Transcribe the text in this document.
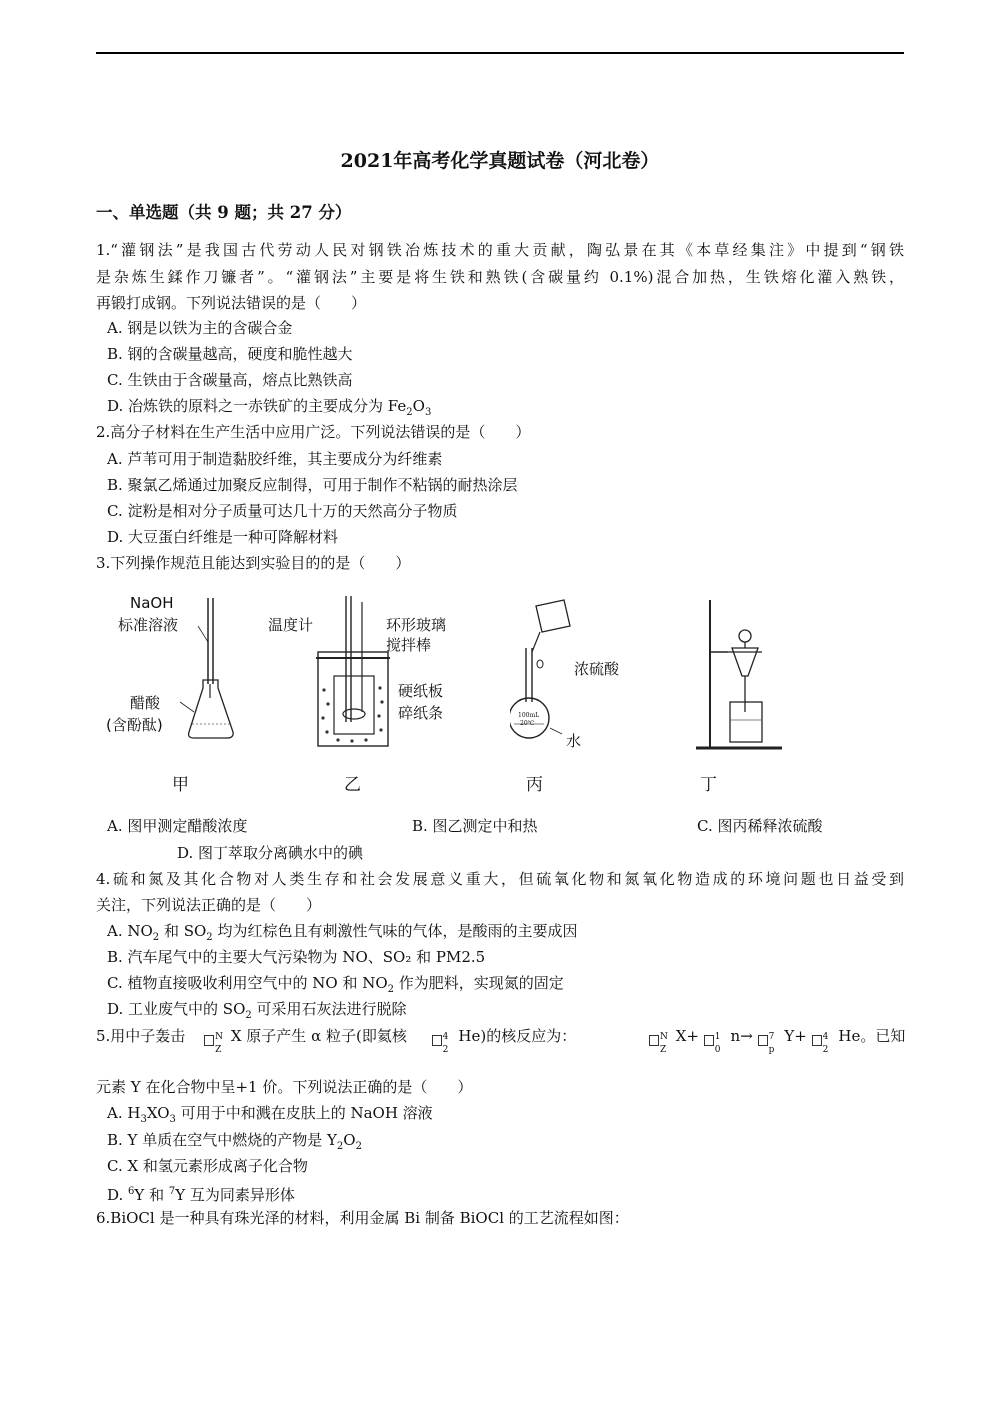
2021年高考化学真题试卷（河北卷）
一、单选题（共 9 题；共 27 分）
1.“灌钢法”是我国古代劳动人民对钢铁冶炼技术的重大贡献，陶弘景在其《本草经集注》中提到“钢铁
是杂炼生鍒作刀镰者”。“灌钢法”主要是将生铁和熟铁(含碳量约 0.1%)混合加热，生铁熔化灌入熟铁，
再锻打成钢。下列说法错误的是（　　）
A. 钢是以铁为主的含碳合金
B. 钢的含碳量越高，硬度和脆性越大
C. 生铁由于含碳量高，熔点比熟铁高
D. 冶炼铁的原料之一赤铁矿的主要成分为 $Fe_2O_3$
2.高分子材料在生产生活中应用广泛。下列说法错误的是（　　）
A. 芦苇可用于制造黏胶纤维，其主要成分为纤维素
B. 聚氯乙烯通过加聚反应制得，可用于制作不粘锅的耐热涂层
C. 淀粉是相对分子质量可达几十万的天然高分子物质
D. 大豆蛋白纤维是一种可降解材料
3.下列操作规范且能达到实验目的的是（　　）
NaOH
标准溶液
醋酸
(含酚酞)
甲
温度计	环形玻璃
搅拌棒
硬纸板
碎纸条
乙
浓硫酸
水
100mL
20℃
丙	丁
A. 图甲测定醋酸浓度	B. 图乙测定中和热	C. 图丙稀释浓硫酸
D. 图丁萃取分离碘水中的碘
4.硫和氮及其化合物对人类生存和社会发展意义重大，但硫氧化物和氮氧化物造成的环境问题也日益受到
关注，下列说法正确的是（　　）
A. $NO_2$ 和 $SO_2$ 均为红棕色且有刺激性气味的气体，是酸雨的主要成因
B. 汽车尾气中的主要大气污染物为 NO、SO₂ 和 PM2.5
C. 植物直接吸收利用空气中的 NO 和 $NO_2$ 作为肥料，实现氮的固定
D. 工业废气中的 $SO_2$ 可采用石灰法进行脱除
5.用中子轰击	N
Z
X 原子产生 α 粒子(即氦核	4
2
He)的核反应为：	N
Z
X+ 1
0
n→ 7
p
Y+ 4
2
He。已知
元素 Y 在化合物中呈+1 价。下列说法正确的是（　　）
A. $H_3XO_3$ 可用于中和溅在皮肤上的 NaOH 溶液
B. Y 单质在空气中燃烧的产物是 $Y_2O_2$
C. X 和氢元素形成离子化合物
D. $^6$Y 和 $^7$Y 互为同素异形体
6.BiOCl 是一种具有珠光泽的材料，利用金属 Bi 制备 BiOCl 的工艺流程如图：
